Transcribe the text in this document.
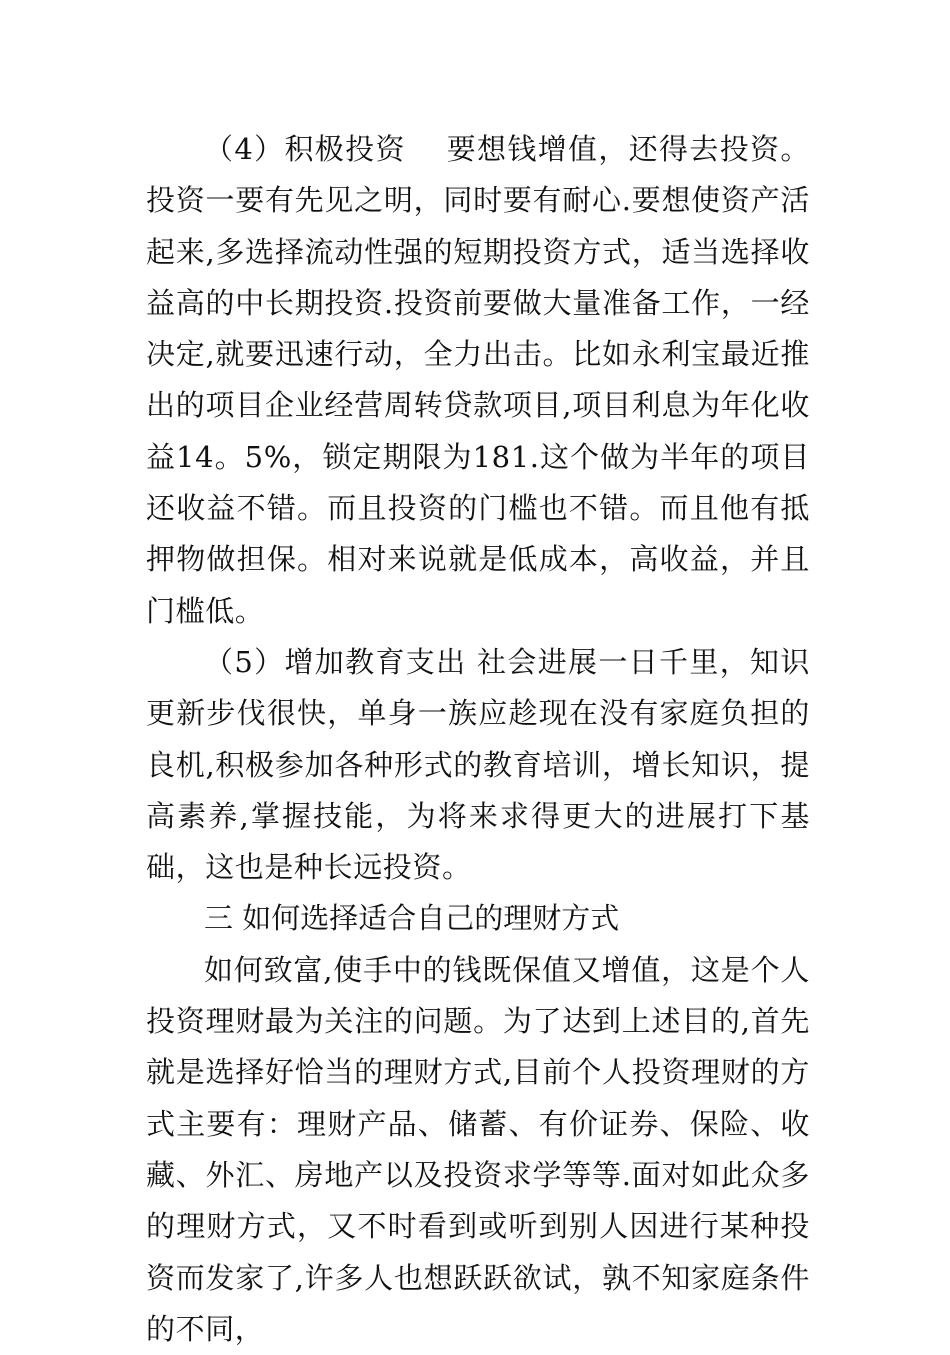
（4）积极投资　 要想钱增值，还得去投资。投资一要有先见之明，同时要有耐心.要想使资产活起来,多选择流动性强的短期投资方式，适当选择收益高的中长期投资.投资前要做大量准备工作，一经决定,就要迅速行动，全力出击。比如永利宝最近推出的项目企业经营周转贷款项目,项目利息为年化收益14。5%，锁定期限为181.这个做为半年的项目还收益不错。而且投资的门槛也不错。而且他有抵押物做担保。相对来说就是低成本，高收益，并且门槛低。

（5）增加教育支出 社会进展一日千里，知识更新步伐很快，单身一族应趁现在没有家庭负担的良机,积极参加各种形式的教育培训，增长知识，提高素养,掌握技能，为将来求得更大的进展打下基础，这也是种长远投资。

三 如何选择适合自己的理财方式

如何致富,使手中的钱既保值又增值，这是个人投资理财最为关注的问题。为了达到上述目的,首先就是选择好恰当的理财方式,目前个人投资理财的方式主要有：理财产品、储蓄、有价证券、保险、收藏、外汇、房地产以及投资求学等等.面对如此众多的理财方式，又不时看到或听到别人因进行某种投资而发家了,许多人也想跃跃欲试，孰不知家庭条件的不同，
